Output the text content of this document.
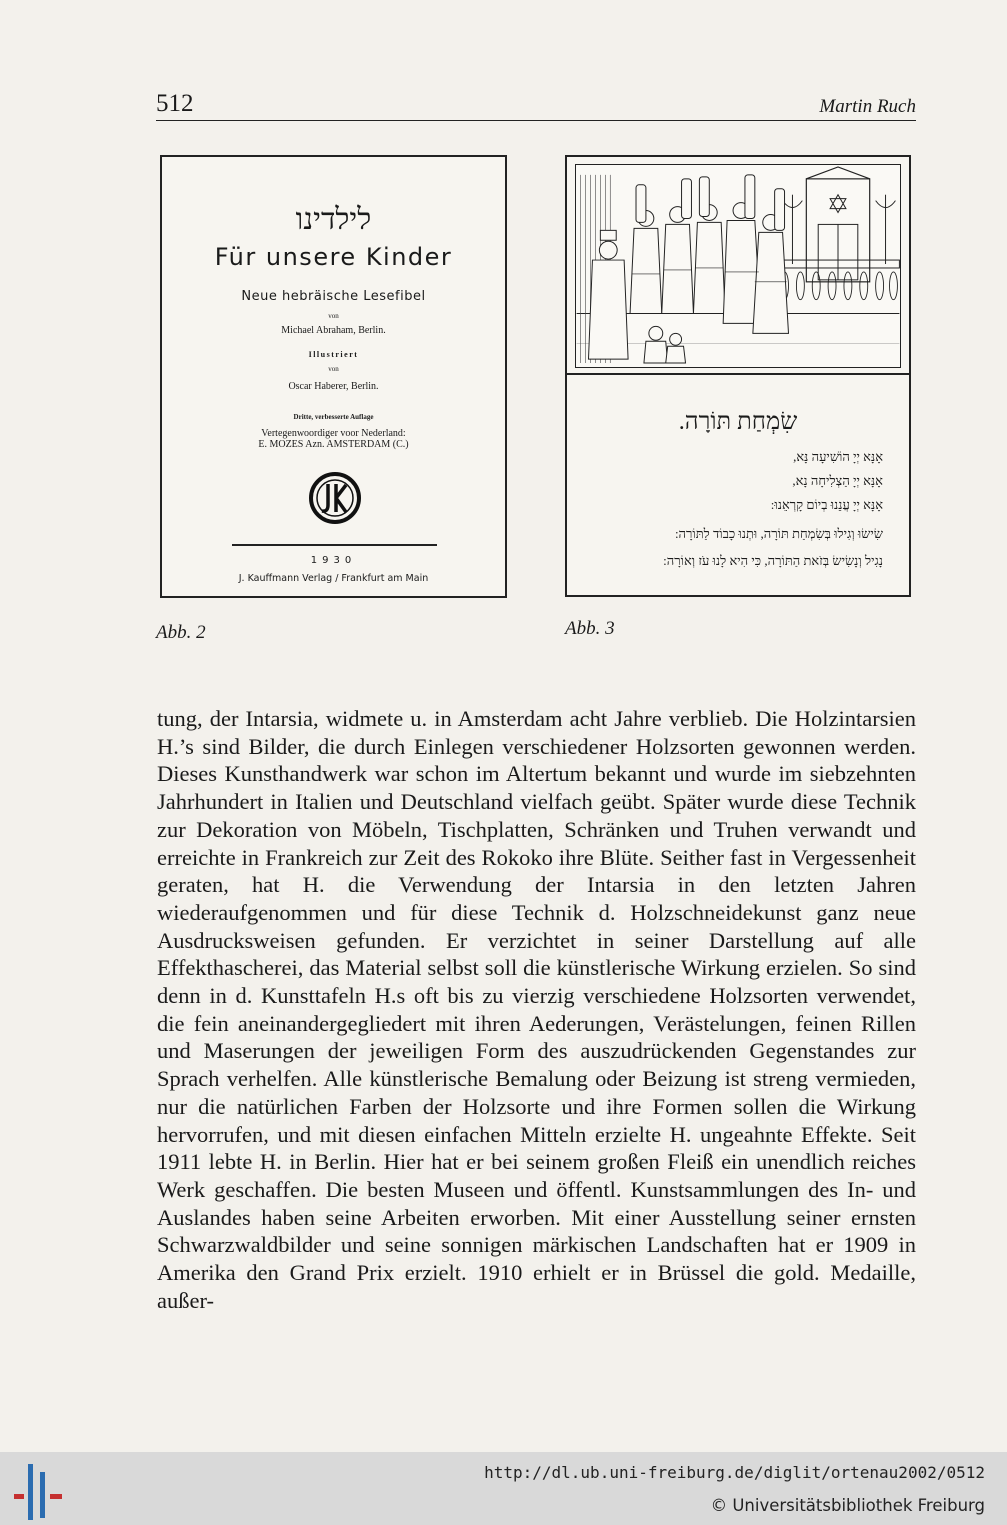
512	Martin Ruch
לילדינו
Für unsere Kinder
Neue hebräische Lesefibel
von
Michael Abraham, Berlin.
Illustriert
von
Oscar Haberer, Berlin.
Dritte, verbesserte Auflage
Vertegenwoordiger voor Nederland:
E. MOZES Azn. AMSTERDAM (C.)
1930
J. Kauffmann Verlag / Frankfurt am Main
Abb. 2
שִׂמְחַת תּוֹרָה.
אָנָּא יְיָ הוֹשִׁיעָה נָּא,
אָנָּא יְיָ הַצְלִיחָה נָא,
אָנָּא יְיָ עֲנֵנוּ בְיוֹם קָרְאֵנוּ:
שִׂישׂוּ וְגִילוּ בְּשִׂמְחַת תּוֹרָה, וּתְנוּ כָבוֹד לַתּוֹרָה:
נָגִיל וְנָשִׂישׂ בְּזֹאת הַתּוֹרָה, כִּי הִיא לָנוּ עֹז וְאוֹרָה:
Abb. 3
tung, der Intarsia, widmete u. in Amsterdam acht Jahre verblieb. Die Holzintarsien H.’s sind Bilder, die durch Einlegen verschiedener Holzsorten gewonnen werden. Dieses Kunsthandwerk war schon im Altertum bekannt und wurde im siebzehnten Jahrhundert in Italien und Deutschland vielfach geübt. Später wurde diese Technik zur Dekoration von Möbeln, Tischplatten, Schränken und Truhen verwandt und erreichte in Frankreich zur Zeit des Rokoko ihre Blüte. Seither fast in Vergessenheit geraten, hat H. die Verwendung der Intarsia in den letzten Jahren wiederaufgenommen und für diese Technik d. Holzschneidekunst ganz neue Ausdrucksweisen gefunden. Er verzichtet in seiner Darstellung auf alle Effekthascherei, das Material selbst soll die künstlerische Wirkung erzielen. So sind denn in d. Kunsttafeln H.s oft bis zu vierzig verschiedene Holzsorten verwendet, die fein aneinandergegliedert mit ihren Aederungen, Verästelungen, feinen Rillen und Maserungen der jeweiligen Form des auszudrückenden Gegenstandes zur Sprach verhelfen. Alle künstlerische Bemalung oder Beizung ist streng vermieden, nur die natürlichen Farben der Holzsorte und ihre Formen sollen die Wirkung hervorrufen, und mit diesen einfachen Mitteln erzielte H. ungeahnte Effekte. Seit 1911 lebte H. in Berlin. Hier hat er bei seinem großen Fleiß ein unendlich reiches Werk geschaffen. Die besten Museen und öffentl. Kunstsammlungen des In- und Auslandes haben seine Arbeiten erworben. Mit einer Ausstellung seiner ernsten Schwarzwaldbilder und seine sonnigen märkischen Landschaften hat er 1909 in Amerika den Grand Prix erzielt. 1910 erhielt er in Brüssel die gold. Medaille, außer-
http://dl.ub.uni-freiburg.de/diglit/ortenau2002/0512
© Universitätsbibliothek Freiburg
